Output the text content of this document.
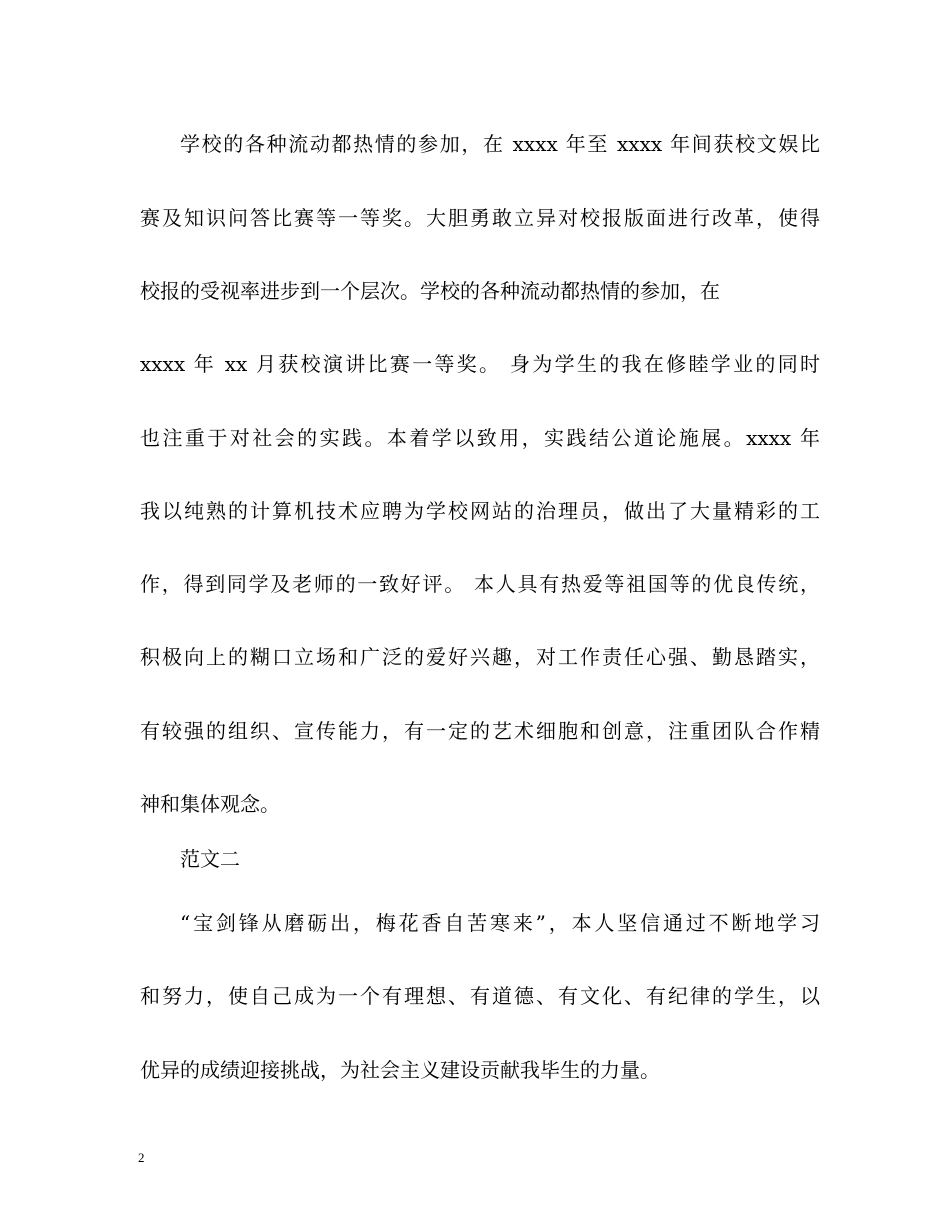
学校的各种流动都热情的参加，在 xxxx 年至 xxxx 年间获校文娱比
赛及知识问答比赛等一等奖。大胆勇敢立异对校报版面进行改革，使得
校报的受视率进步到一个层次。学校的各种流动都热情的参加，在
xxxx 年 xx 月获校演讲比赛一等奖。 身为学生的我在修睦学业的同时
也注重于对社会的实践。本着学以致用，实践结公道论施展。xxxx 年
我以纯熟的计算机技术应聘为学校网站的治理员，做出了大量精彩的工
作，得到同学及老师的一致好评。 本人具有热爱等祖国等的优良传统，
积极向上的糊口立场和广泛的爱好兴趣，对工作责任心强、勤恳踏实，
有较强的组织、宣传能力，有一定的艺术细胞和创意，注重团队合作精
神和集体观念。
范文二
“宝剑锋从磨砺出，梅花香自苦寒来”，本人坚信通过不断地学习
和努力，使自己成为一个有理想、有道德、有文化、有纪律的学生，以
优异的成绩迎接挑战，为社会主义建设贡献我毕生的力量。
2
